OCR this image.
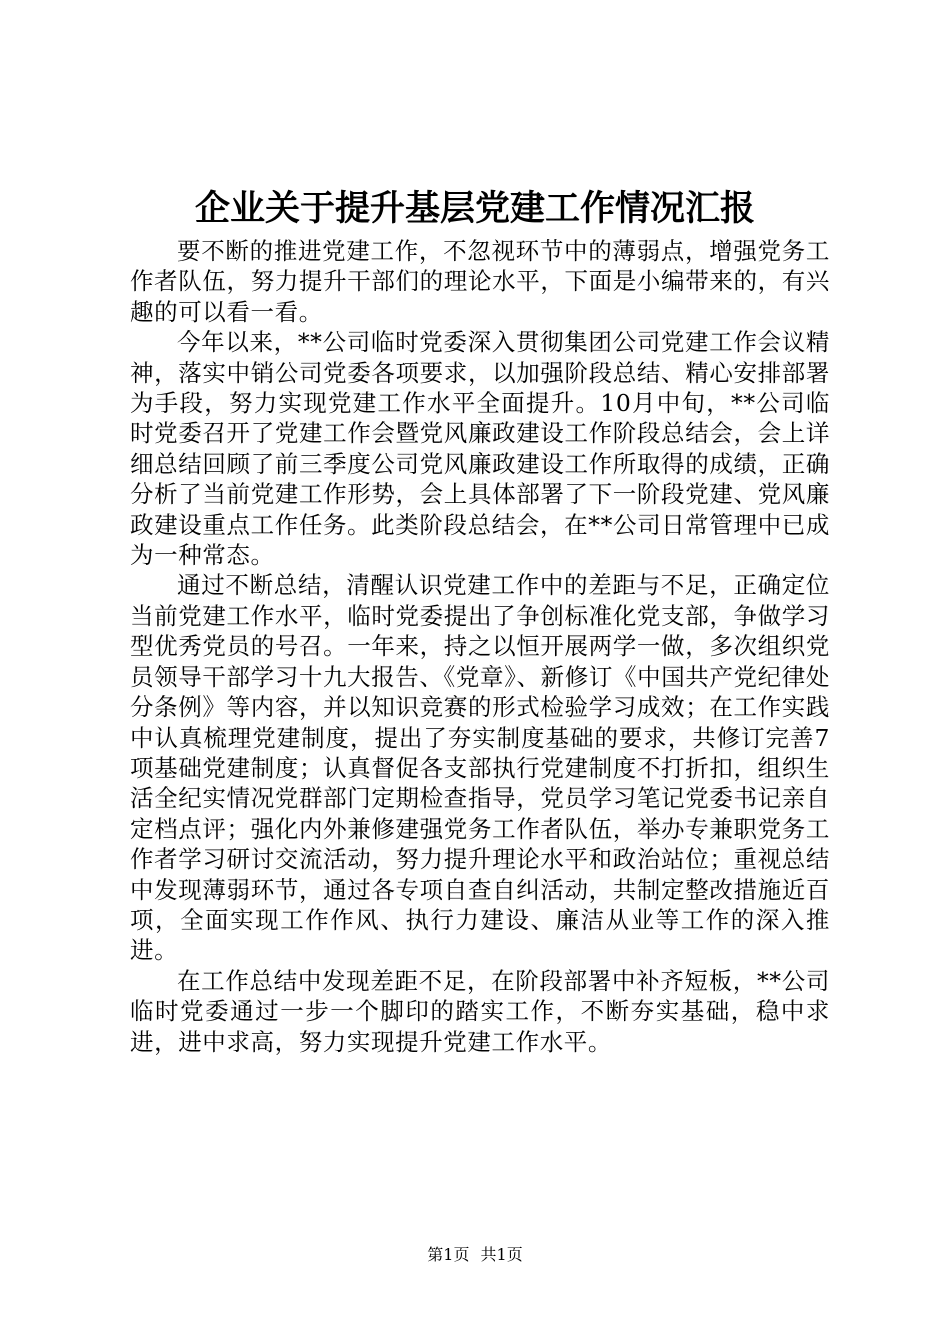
企业关于提升基层党建工作情况汇报

要不断的推进党建工作，不忽视环节中的薄弱点，增强党务工作者队伍，努力提升干部们的理论水平，下面是小编带来的，有兴趣的可以看一看。

今年以来，**公司临时党委深入贯彻集团公司党建工作会议精神，落实中销公司党委各项要求，以加强阶段总结、精心安排部署为手段，努力实现党建工作水平全面提升。10月中旬，**公司临时党委召开了党建工作会暨党风廉政建设工作阶段总结会，会上详细总结回顾了前三季度公司党风廉政建设工作所取得的成绩，正确分析了当前党建工作形势，会上具体部署了下一阶段党建、党风廉政建设重点工作任务。此类阶段总结会，在**公司日常管理中已成为一种常态。

通过不断总结，清醒认识党建工作中的差距与不足，正确定位当前党建工作水平，临时党委提出了争创标准化党支部，争做学习型优秀党员的号召。一年来，持之以恒开展两学一做，多次组织党员领导干部学习十九大报告、《党章》、新修订《中国共产党纪律处分条例》等内容，并以知识竞赛的形式检验学习成效；在工作实践中认真梳理党建制度，提出了夯实制度基础的要求，共修订完善7项基础党建制度；认真督促各支部执行党建制度不打折扣，组织生活全纪实情况党群部门定期检查指导，党员学习笔记党委书记亲自定档点评；强化内外兼修建强党务工作者队伍，举办专兼职党务工作者学习研讨交流活动，努力提升理论水平和政治站位；重视总结中发现薄弱环节，通过各专项自查自纠活动，共制定整改措施近百项，全面实现工作作风、执行力建设、廉洁从业等工作的深入推进。

在工作总结中发现差距不足，在阶段部署中补齐短板，**公司临时党委通过一步一个脚印的踏实工作，不断夯实基础，稳中求进，进中求高，努力实现提升党建工作水平。

第1页 共1页
